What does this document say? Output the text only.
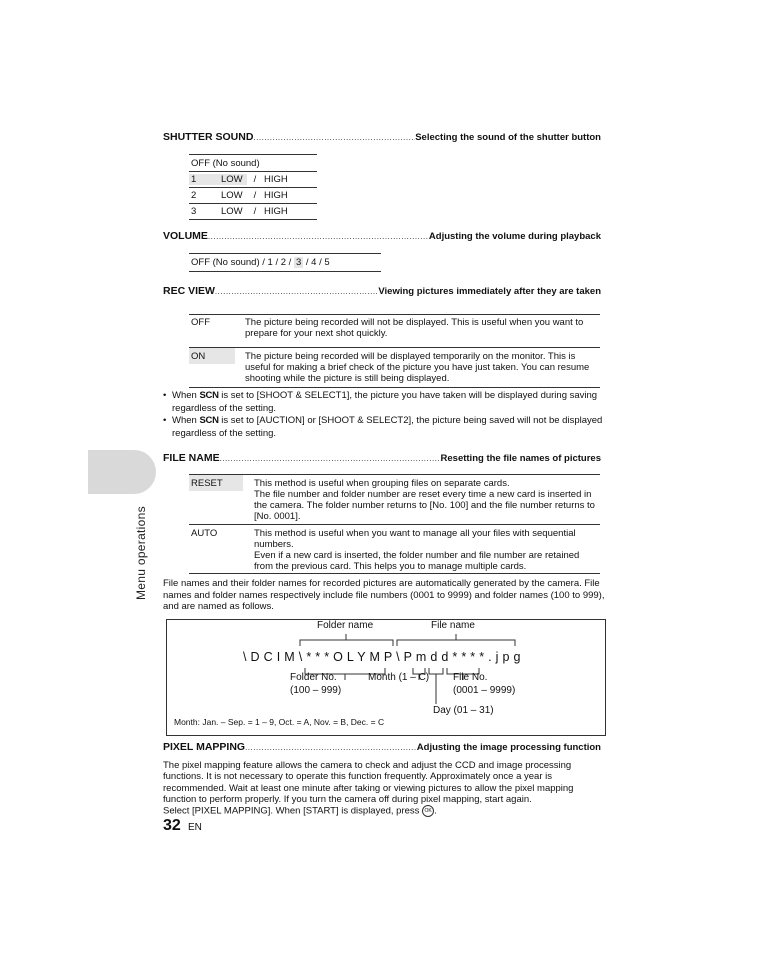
Menu operations
SHUTTER SOUND .....	Selecting the sound of the shutter button
OFF (No sound)
1	LOW	/ HIGH
2	LOW	/ HIGH
3	LOW	/ HIGH
VOLUME .....	Adjusting the volume during playback
OFF (No sound) / 1 / 2 / 3 / 4 / 5
REC VIEW .....	Viewing pictures immediately after they are taken
OFF	The picture being recorded will not be displayed. This is useful when you want to prepare for your next shot quickly.
ON	The picture being recorded will be displayed temporarily on the monitor. This is useful for making a brief check of the picture you have just taken. You can resume shooting while the picture is still being displayed.
• When SCN is set to [SHOOT & SELECT1], the picture you have taken will be displayed during saving regardless of the setting.
• When SCN is set to [AUCTION] or [SHOOT & SELECT2], the picture being saved will not be displayed regardless of the setting.
FILE NAME .....	Resetting the file names of pictures
RESET	This method is useful when grouping files on separate cards.
The file number and folder number are reset every time a new card is inserted in the camera. The folder number returns to [No. 100] and the file number returns to [No. 0001].
AUTO	This method is useful when you want to manage all your files with sequential numbers.
Even if a new card is inserted, the folder number and file number are retained from the previous card. This helps you to manage multiple cards.
File names and their folder names for recorded pictures are automatically generated by the camera. File names and folder names respectively include file numbers (0001 to 9999) and folder names (100 to 999), and are named as follows.
Folder name	File name
\ D C I M \ * * * O L Y M P \ P m d d * * * * . j p g
Folder No.
(100 – 999)
Month (1 – C) File No.
(0001 – 9999)
Day (01 – 31)
Month: Jan. – Sep. = 1 – 9, Oct. = A, Nov. = B, Dec. = C
PIXEL MAPPING .....	Adjusting the image processing function
The pixel mapping feature allows the camera to check and adjust the CCD and image processing functions. It is not necessary to operate this function frequently. Approximately once a year is recommended. Wait at least one minute after taking or viewing pictures to allow the pixel mapping function to perform properly. If you turn the camera off during pixel mapping, start again.
Select [PIXEL MAPPING]. When [START] is displayed, press OK .
32 EN
